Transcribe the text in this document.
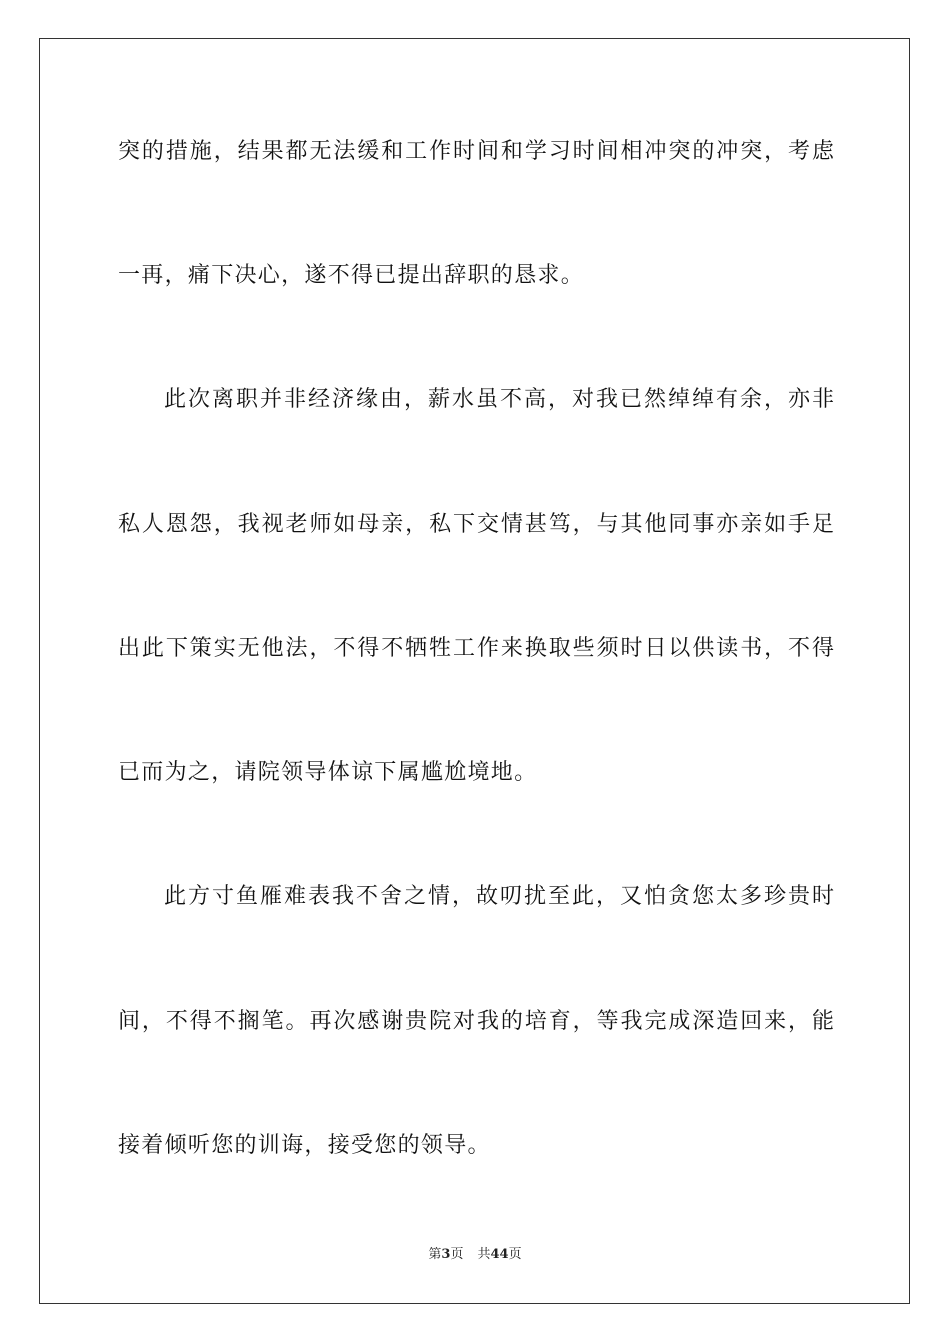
突的措施，结果都无法缓和工作时间和学习时间相冲突的冲突，考虑
一再，痛下决心，遂不得已提出辞职的恳求。
此次离职并非经济缘由，薪水虽不高，对我已然绰绰有余，亦非
私人恩怨，我视老师如母亲，私下交情甚笃，与其他同事亦亲如手足
出此下策实无他法，不得不牺牲工作来换取些须时日以供读书，不得
已而为之，请院领导体谅下属尴尬境地。
此方寸鱼雁难表我不舍之情，故叨扰至此，又怕贪您太多珍贵时
间，不得不搁笔。再次感谢贵院对我的培育，等我完成深造回来，能
接着倾听您的训诲，接受您的领导。
第3页 共44页
